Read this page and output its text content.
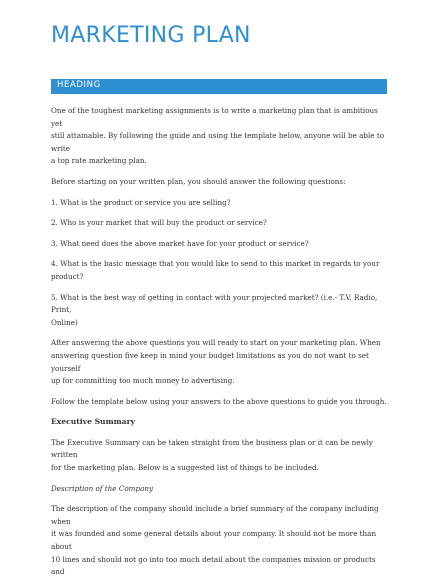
MARKETING PLAN
HEADING

One of the toughest marketing assignments is to write a marketing plan that is ambitious yet
still attainable. By following the guide and using the template below, anyone will be able to write
a top rate marketing plan.

Before starting on your written plan, you should answer the following questions:

1. What is the product or service you are selling?

2. Who is your market that will buy the product or service?

3. What need does the above market have for your product or service?

4. What is the basic message that you would like to send to this market in regards to your
product?

5. What is the best way of getting in contact with your projected market? (i.e.- T.V, Radio, Print,
Online)

After answering the above questions you will ready to start on your marketing plan. When
answering question five keep in mind your budget limitations as you do not want to set yourself
up for committing too much money to advertising.

Follow the template below using your answers to the above questions to guide you through.

Executive Summary

The Executive Summary can be taken straight from the business plan or it can be newly written
for the marketing plan. Below is a suggested list of things to be included.

Description of the Company

The description of the company should include a brief summary of the company including when
it was founded and some general details about your company. It should not be more than about
10 lines and should not go into too much detail about the companies mission or products and
